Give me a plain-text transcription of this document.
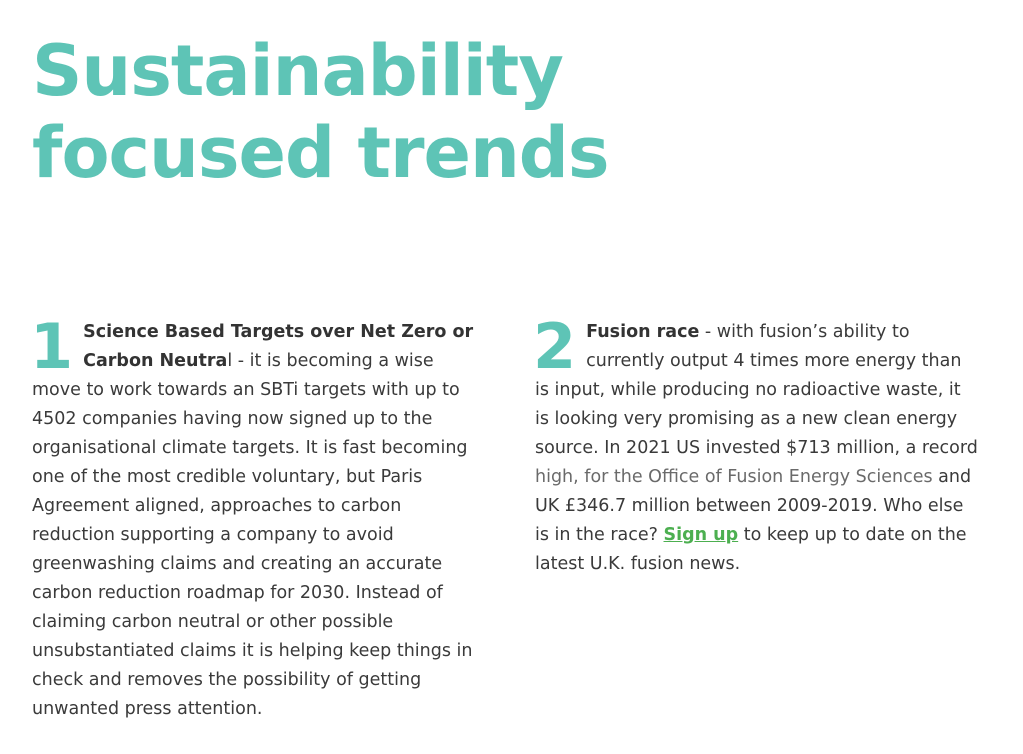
Sustainability
focused trends
1 Science Based Targets over Net Zero or Carbon Neutral - it is becoming a wise move to work towards an SBTi targets with up to 4502 companies having now signed up to the organisational climate targets. It is fast becoming one of the most credible voluntary, but Paris Agreement aligned, approaches to carbon reduction supporting a company to avoid greenwashing claims and creating an accurate carbon reduction roadmap for 2030. Instead of claiming carbon neutral or other possible unsubstantiated claims it is helping keep things in check and removes the possibility of getting unwanted press attention.
2 Fusion race - with fusion’s ability to currently output 4 times more energy than is input, while producing no radioactive waste, it is looking very promising as a new clean energy source. In 2021 US invested $713 million, a record high, for the Office of Fusion Energy Sciences and UK £346.7 million between 2009-2019. Who else is in the race? Sign up to keep up to date on the latest U.K. fusion news.
